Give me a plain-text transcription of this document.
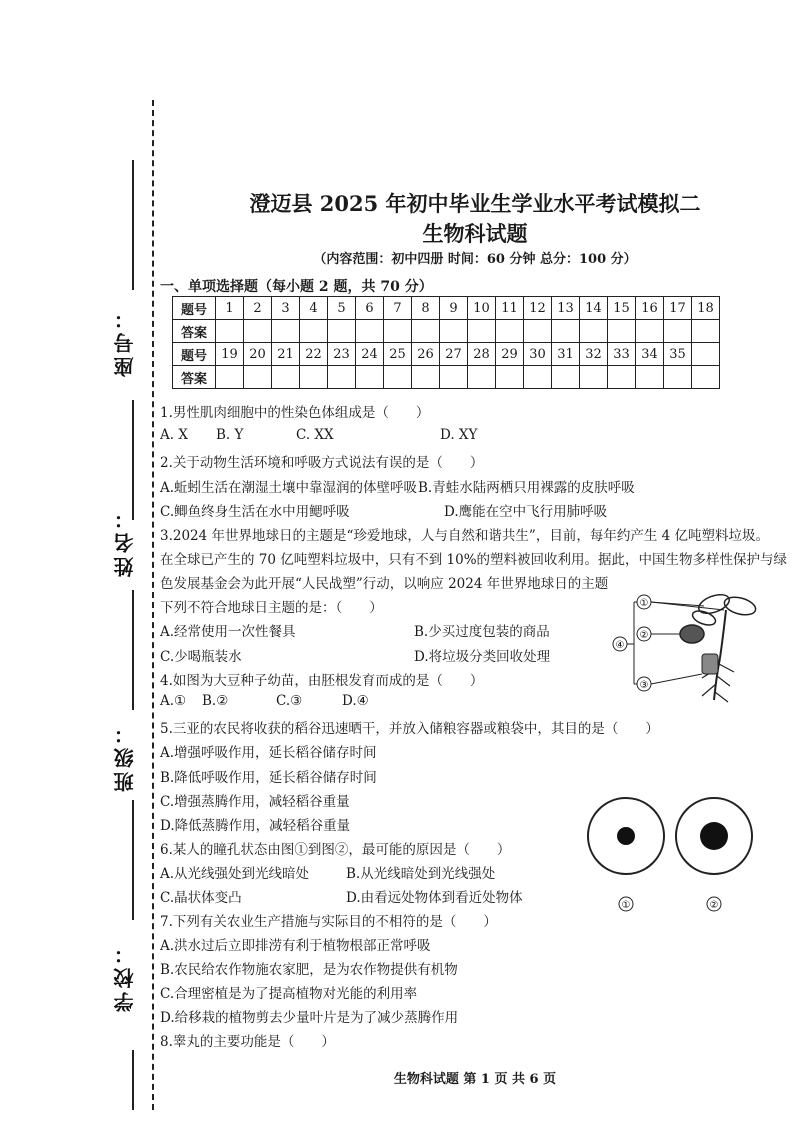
座号：
姓名：
班级：
学校：
澄迈县 2025 年初中毕业生学业水平考试模拟二
生物科试题
（内容范围：初中四册 时间：60 分钟 总分：100 分）
一、单项选择题（每小题 2 题，共 70 分）
题号	1	2	3	4	5	6	7	8	9	10	11	12	13	14	15	16	17	18
答案																		
题号	19	20	21	22	23	24	25	26	27	28	29	30	31	32	33	34	35	
答案																		
1.男性肌肉细胞中的性染色体组成是（　　）
A. X B. Y	C. XX	D. XY
2.关于动物生活环境和呼吸方式说法有误的是（　　）
A.蚯蚓生活在潮湿土壤中靠湿润的体壁呼吸 B.青蛙水陆两栖只用裸露的皮肤呼吸
C.鲫鱼终身生活在水中用鳃呼吸	D.鹰能在空中飞行用肺呼吸
3.2024 年世界地球日的主题是“珍爱地球，人与自然和谐共生”，目前，每年约产生 4 亿吨塑料垃圾。
在全球已产生的 70 亿吨塑料垃圾中，只有不到 10%的塑料被回收利用。据此，中国生物多样性保护与绿
色发展基金会为此开展“人民战塑”行动，以响应 2024 年世界地球日的主题
下列不符合地球日主题的是：（　　）
A.经常使用一次性餐具	B.少买过度包装的商品
C.少喝瓶装水	D.将垃圾分类回收处理
4.如图为大豆种子幼苗，由胚根发育而成的是（　　）
A.① B.②	C.③	D.④
①
②
③
④
5.三亚的农民将收获的稻谷迅速晒干，并放入储粮容器或粮袋中，其目的是（　　）
A.增强呼吸作用，延长稻谷储存时间
B.降低呼吸作用，延长稻谷储存时间
C.增强蒸腾作用，减轻稻谷重量
D.降低蒸腾作用，减轻稻谷重量
6.某人的瞳孔状态由图①到图②，最可能的原因是（　　）
A.从光线强处到光线暗处	B.从光线暗处到光线强处
C.晶状体变凸	D.由看远处物体到看近处物体	①	②
7.下列有关农业生产措施与实际目的不相符的是（　　）
A.洪水过后立即排涝有利于植物根部正常呼吸
B.农民给农作物施农家肥，是为农作物提供有机物
C.合理密植是为了提高植物对光能的利用率
D.给移栽的植物剪去少量叶片是为了减少蒸腾作用
8.睾丸的主要功能是（　　）
生物科试题 第 1 页 共 6 页
